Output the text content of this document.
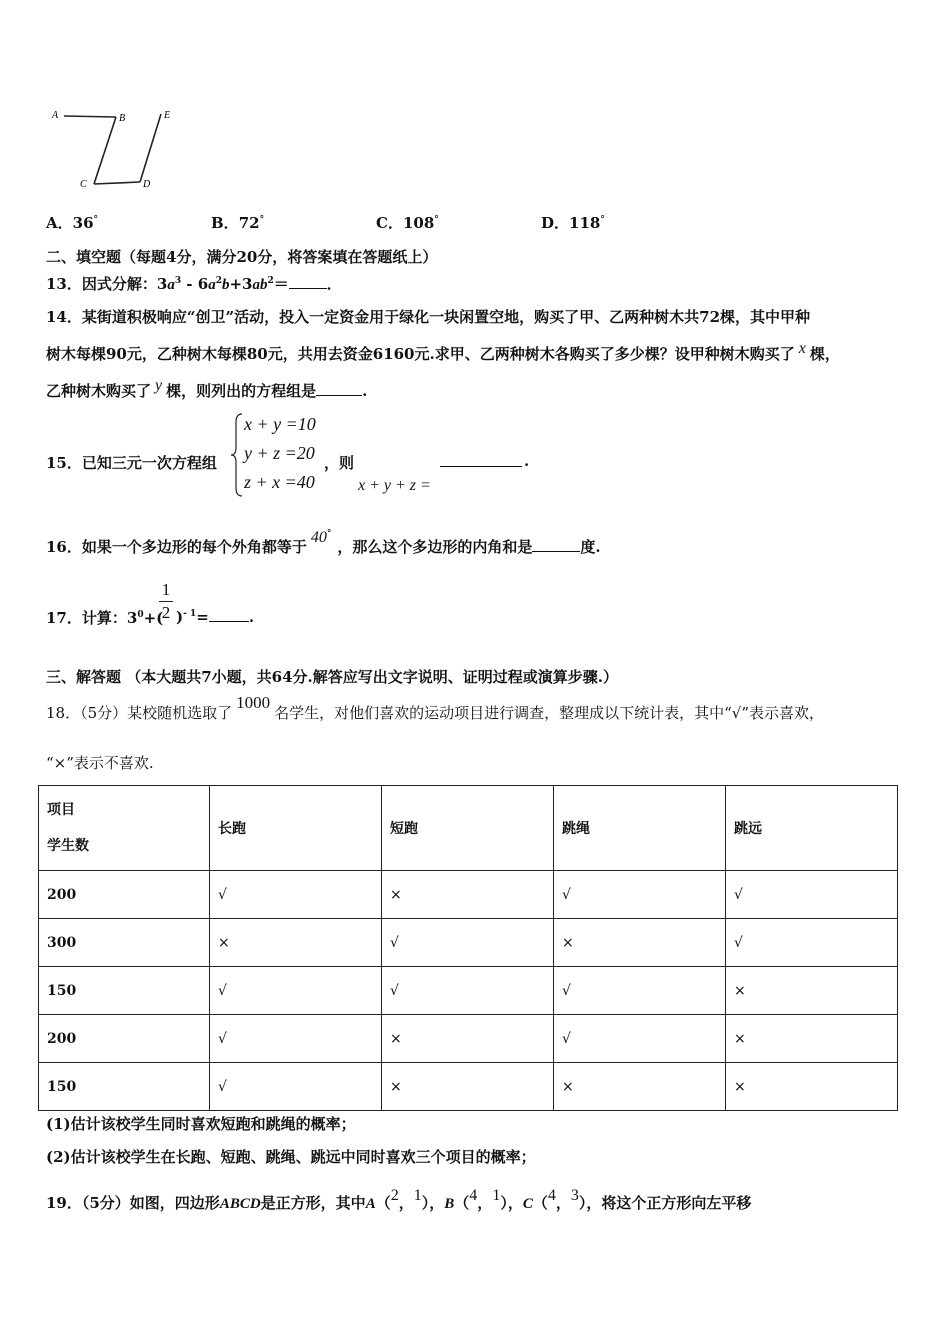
A	B
C	D
E
A．36°	B．72°	C．108°	D．118°
二、填空题（每题4分，满分20分，将答案填在答题纸上）
13．因式分解：$3a^3 - 6a^2b+3ab^2=$	．
14．某街道积极响应“创卫”活动，投入一定资金用于绿化一块闲置空地，购买了甲、乙两种树木共72棵，其中甲种
树木每棵90元，乙种树木每棵80元，共用去资金6160元.求甲、乙两种树木各购买了多少棵？设甲种树木购买了 x 棵，
乙种树木购买了 y 棵，则列出的方程组是	.
15．已知三元一次方程组
x + y =10
y + z =20
z + x =40
，则
x + y + z =
.
16．如果一个多边形的每个外角都等于40°，那么这个多边形的内角和是	度.
17．计算：$3^0+$(
1
2 )$^{- 1}$=	.
三、解答题 （本大题共7小题，共64分.解答应写出文字说明、证明过程或演算步骤.）
18．（5分）某校随机选取了1000名学生，对他们喜欢的运动项目进行调查，整理成以下统计表，其中“√”表示喜欢，
“×”表示不喜欢.
项目
学生数	长跑	短跑	跳绳	跳远
200	√	×	√	√
300	×	√	×	√
150	√	√	√	×
200	√	×	√	×
150	√	×	×	×
(1)估计该校学生同时喜欢短跑和跳绳的概率；
(2)估计该校学生在长跑、短跑、跳绳、跳远中同时喜欢三个项目的概率；
19．（5分）如图，四边形ABCD是正方形，其中A（2，1），B（4，1），C（4，3），将这个正方形向左平移
